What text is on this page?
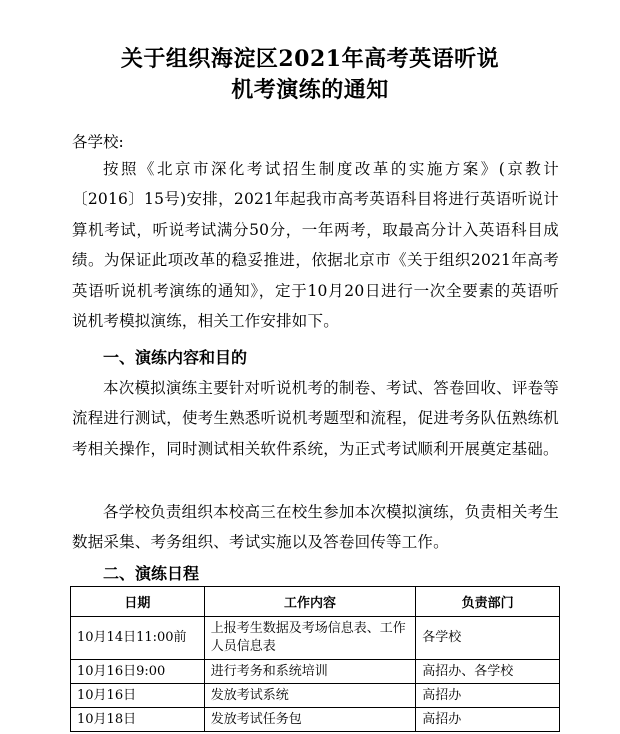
关于组织海淀区2021年高考英语听说
机考演练的通知
各学校:
按照《北京市深化考试招生制度改革的实施方案》(京教计〔2016〕15号)安排，2021年起我市高考英语科目将进行英语听说计算机考试，听说考试满分50分，一年两考，取最高分计入英语科目成绩。为保证此项改革的稳妥推进，依据北京市《关于组织2021年高考英语听说机考演练的通知》，定于10月20日进行一次全要素的英语听说机考模拟演练，相关工作安排如下。
一、演练内容和目的
本次模拟演练主要针对听说机考的制卷、考试、答卷回收、评卷等流程进行测试，使考生熟悉听说机考题型和流程，促进考务队伍熟练机考相关操作，同时测试相关软件系统，为正式考试顺利开展奠定基础。
各学校负责组织本校高三在校生参加本次模拟演练，负责相关考生数据采集、考务组织、考试实施以及答卷回传等工作。
二、演练日程
日期	工作内容	负责部门
10月14日11:00前	上报考生数据及考场信息表、工作人员信息表	各学校
10月16日9:00	进行考务和系统培训	高招办、各学校
10月16日	发放考试系统	高招办
10月18日	发放考试任务包	高招办
